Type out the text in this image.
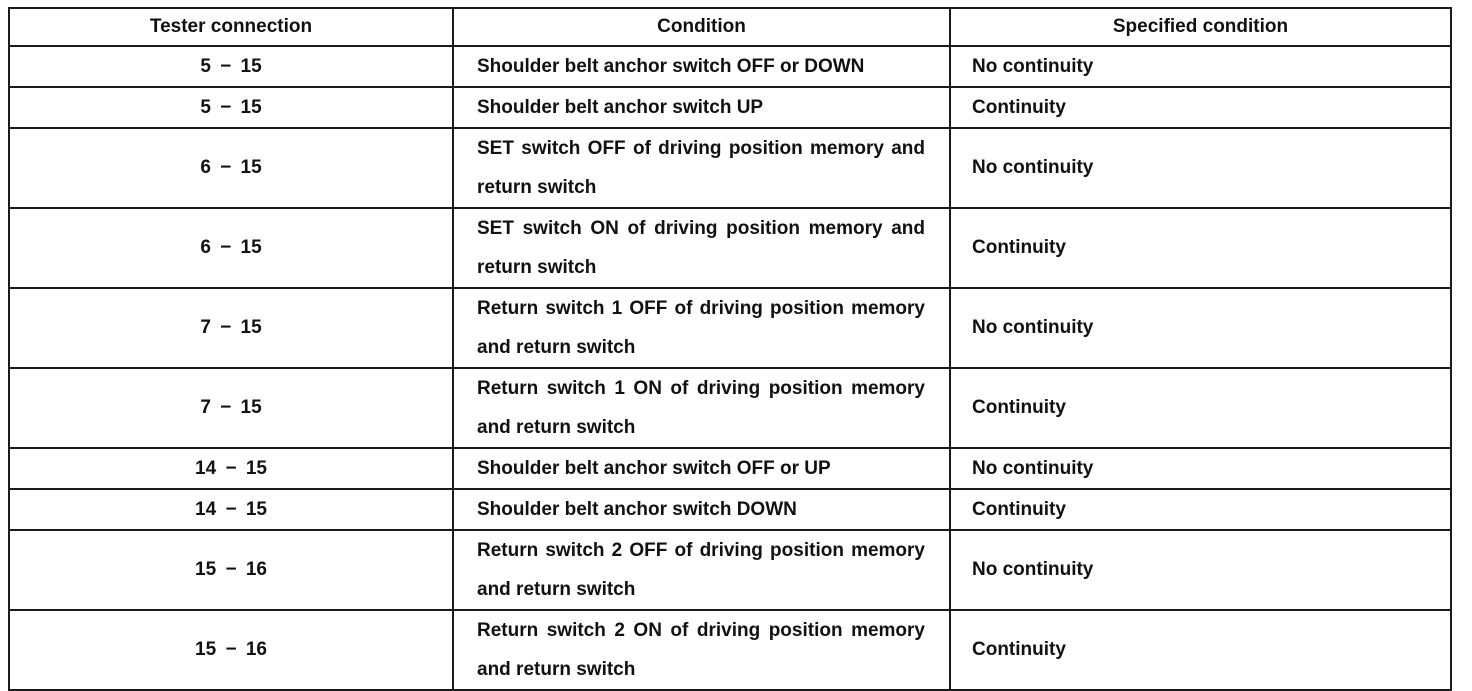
Tester connection	Condition	Specified condition
5 − 15	Shoulder belt anchor switch OFF or DOWN	No continuity
5 − 15	Shoulder belt anchor switch UP	Continuity
6 − 15	SET switch OFF of driving position memory and return switch	No continuity
6 − 15	SET switch ON of driving position memory and return switch	Continuity
7 − 15	Return switch 1 OFF of driving position memory and return switch	No continuity
7 − 15	Return switch 1 ON of driving position memory and return switch	Continuity
14 − 15	Shoulder belt anchor switch OFF or UP	No continuity
14 − 15	Shoulder belt anchor switch DOWN	Continuity
15 − 16	Return switch 2 OFF of driving position memory and return switch	No continuity
15 − 16	Return switch 2 ON of driving position memory and return switch	Continuity
